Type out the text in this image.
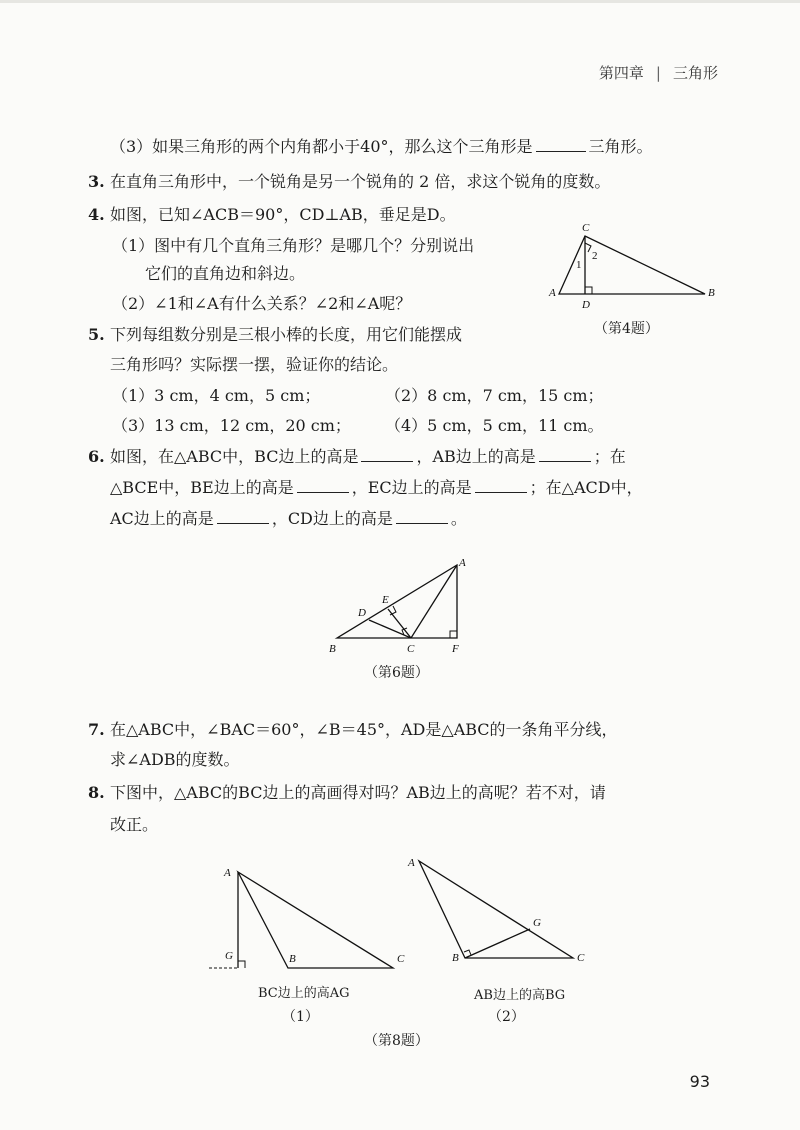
第四章 | 三角形
（3）如果三角形的两个内角都小于40°，那么这个三角形是	三角形。
3. 在直角三角形中，一个锐角是另一个锐角的 2 倍，求这个锐角的度数。
4. 如图，已知∠ACB＝90°，CD⊥AB，垂足是D。
（1）图中有几个直角三角形？是哪几个？分别说出
它们的直角边和斜边。
（2）∠1和∠A有什么关系？∠2和∠A呢？
C
A	B
D
1
2
（第4题）
5. 下列每组数分别是三根小棒的长度，用它们能摆成
三角形吗？实际摆一摆，验证你的结论。
（1）3 cm，4 cm，5 cm；	（2）8 cm，7 cm，15 cm；
（3）13 cm，12 cm，20 cm； （4）5 cm，5 cm，11 cm。
6. 如图，在△ABC中，BC边上的高是	，AB边上的高是	；在
△BCE中，BE边上的高是	，EC边上的高是	；在△ACD中，
AC边上的高是	，CD边上的高是	。
A
B	C	F
D
E
（第6题）
7. 在△ABC中，∠BAC＝60°，∠B＝45°，AD是△ABC的一条角平分线，
求∠ADB的度数。
8. 下图中，△ABC的BC边上的高画得对吗？AB边上的高呢？若不对，请
改正。
A
G	B	C
BC边上的高AG
（1）
A
G
B	C
AB边上的高BG
（2）
（第8题）
93
